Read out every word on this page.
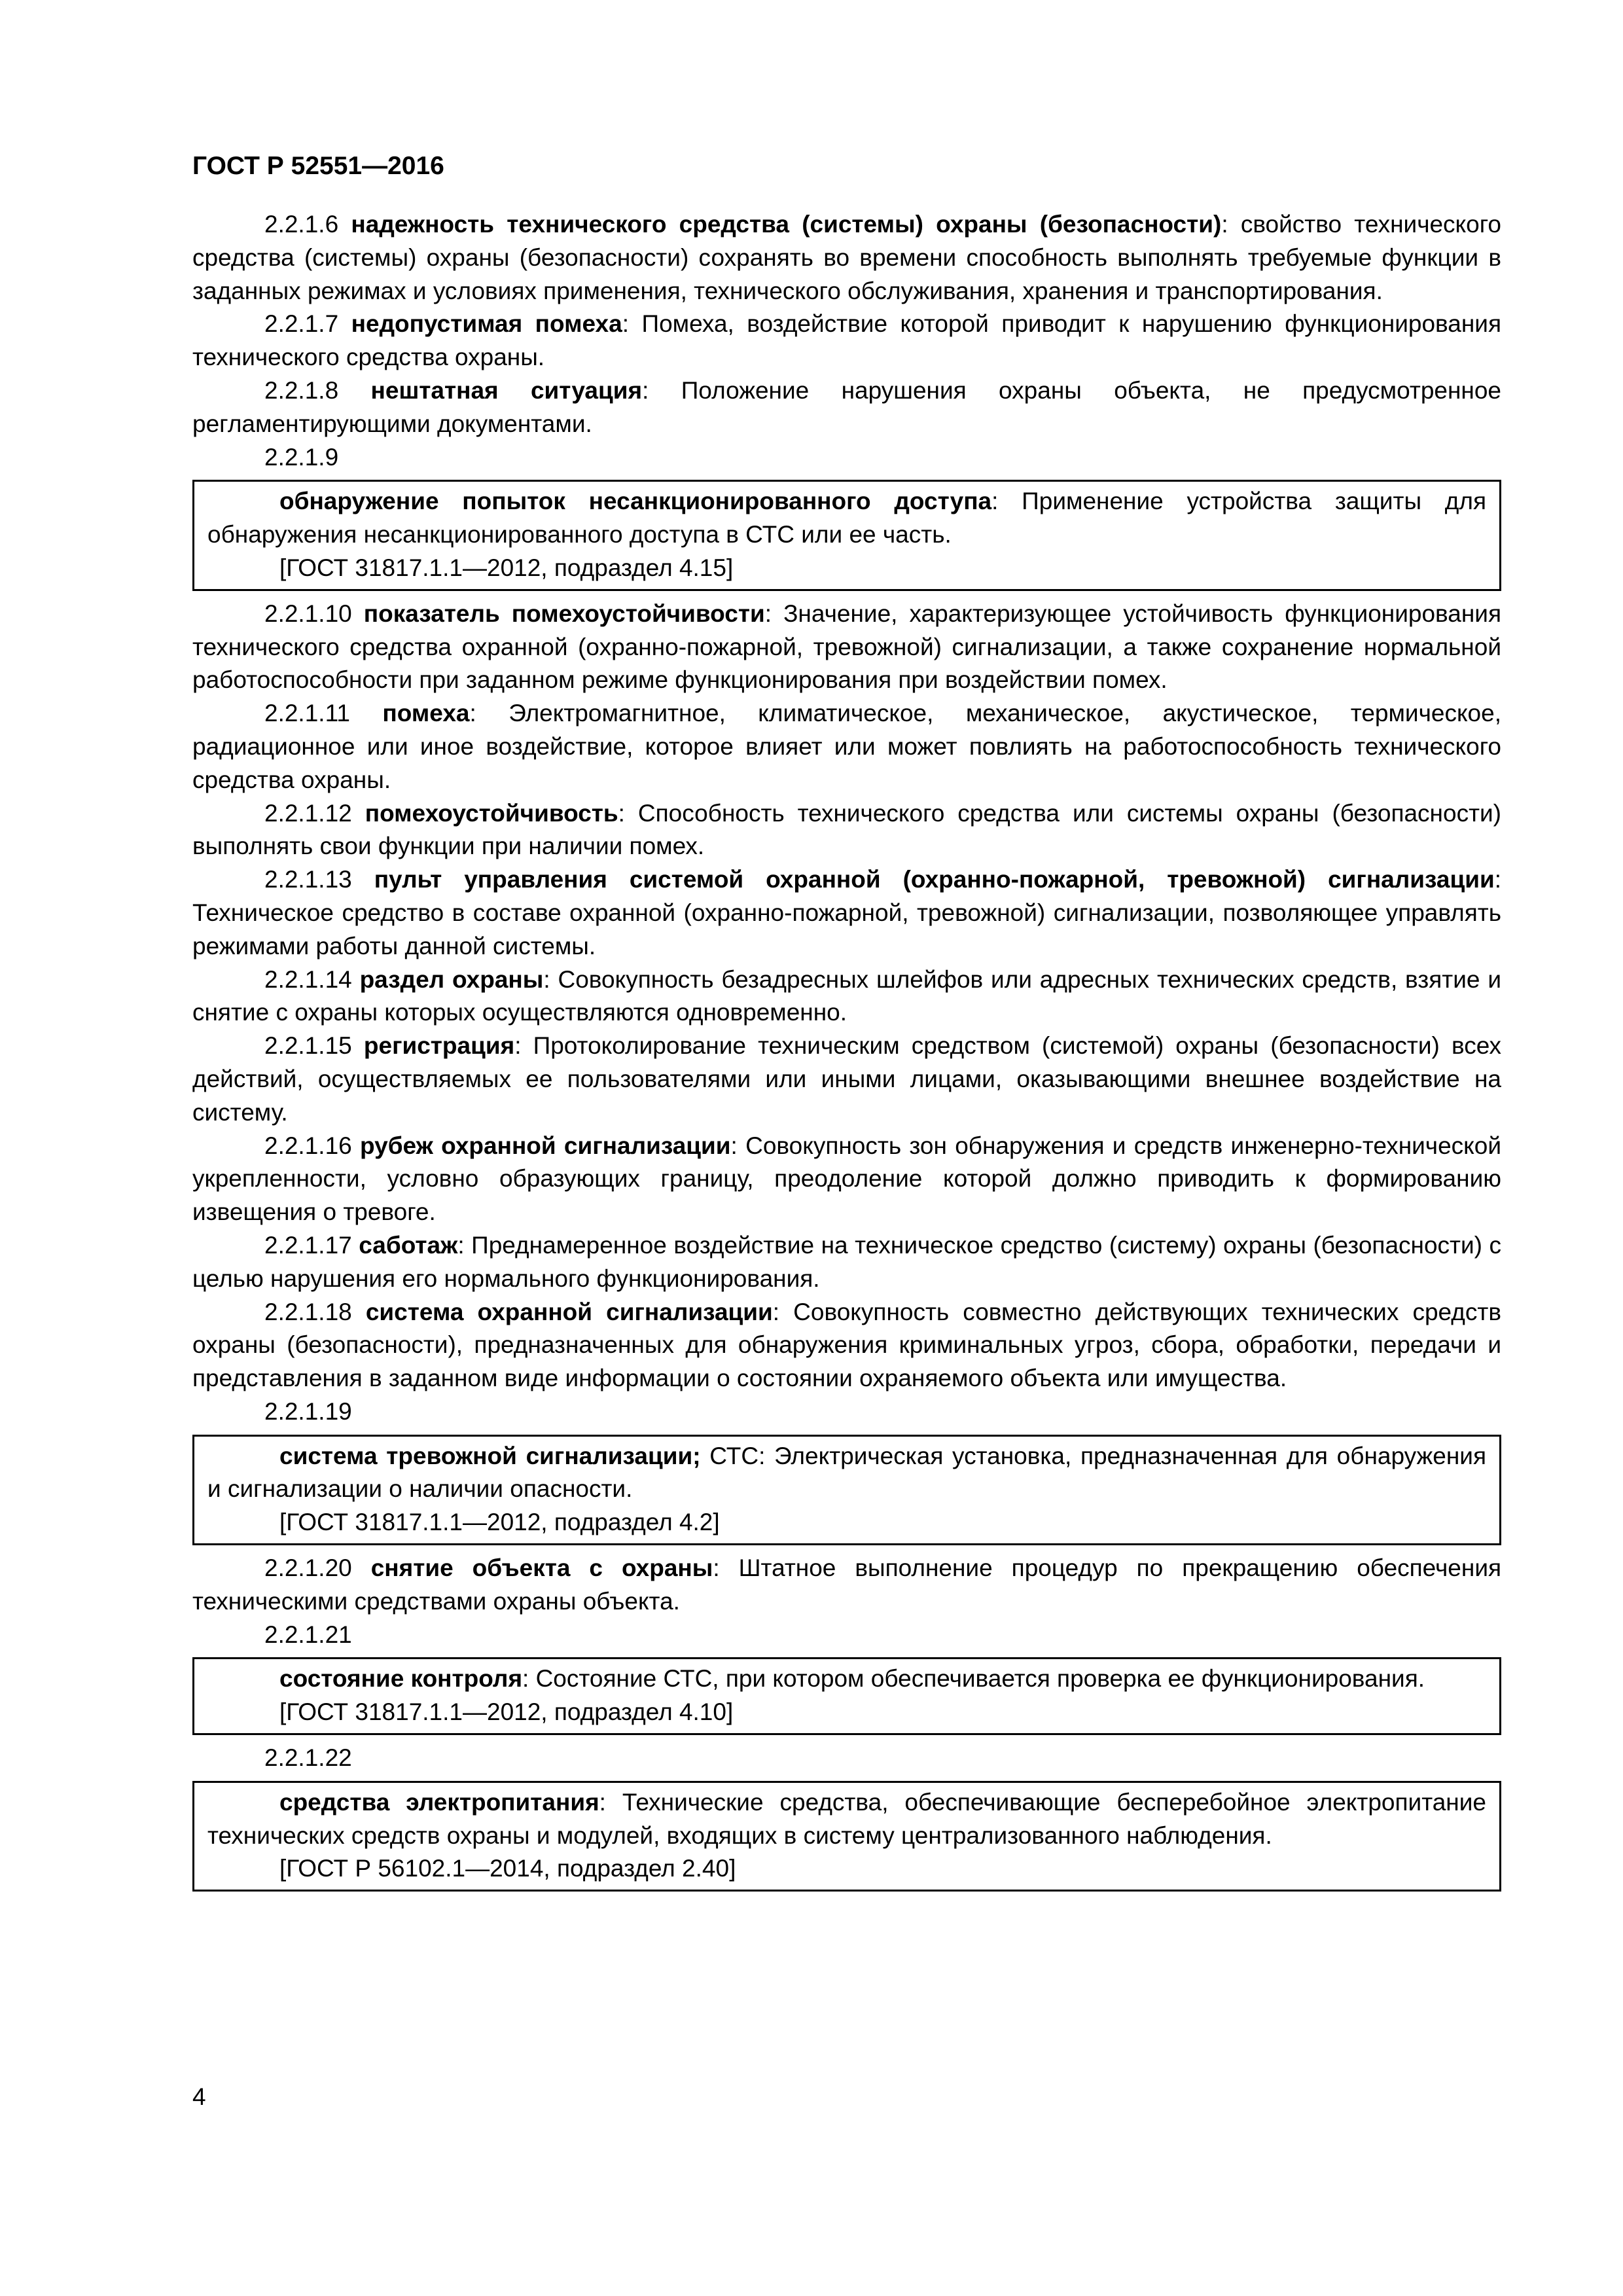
ГОСТ Р 52551—2016

2.2.1.6 надежность технического средства (системы) охраны (безопасности): свойство технического средства (системы) охраны (безопасности) сохранять во времени способность выполнять требуемые функции в заданных режимах и условиях применения, технического обслуживания, хранения и транспортирования.

2.2.1.7 недопустимая помеха: Помеха, воздействие которой приводит к нарушению функционирования технического средства охраны.

2.2.1.8 нештатная ситуация: Положение нарушения охраны объекта, не предусмотренное регламентирующими документами.

2.2.1.9

обнаружение попыток несанкционированного доступа: Применение устройства защиты для обнаружения несанкционированного доступа в СТС или ее часть.

[ГОСТ 31817.1.1—2012, подраздел 4.15]

2.2.1.10 показатель помехоустойчивости: Значение, характеризующее устойчивость функционирования технического средства охранной (охранно-пожарной, тревожной) сигнализации, а также сохранение нормальной работоспособности при заданном режиме функционирования при воздействии помех.

2.2.1.11 помеха: Электромагнитное, климатическое, механическое, акустическое, термическое, радиационное или иное воздействие, которое влияет или может повлиять на работоспособность технического средства охраны.

2.2.1.12 помехоустойчивость: Способность технического средства или системы охраны (безопасности) выполнять свои функции при наличии помех.

2.2.1.13 пульт управления системой охранной (охранно-пожарной, тревожной) сигнализации: Техническое средство в составе охранной (охранно-пожарной, тревожной) сигнализации, позволяющее управлять режимами работы данной системы.

2.2.1.14 раздел охраны: Совокупность безадресных шлейфов или адресных технических средств, взятие и снятие с охраны которых осуществляются одновременно.

2.2.1.15 регистрация: Протоколирование техническим средством (системой) охраны (безопасности) всех действий, осуществляемых ее пользователями или иными лицами, оказывающими внешнее воздействие на систему.

2.2.1.16 рубеж охранной сигнализации: Совокупность зон обнаружения и средств инженерно-технической укрепленности, условно образующих границу, преодоление которой должно приводить к формированию извещения о тревоге.

2.2.1.17 саботаж: Преднамеренное воздействие на техническое средство (систему) охраны (безопасности) с целью нарушения его нормального функционирования.

2.2.1.18 система охранной сигнализации: Совокупность совместно действующих технических средств охраны (безопасности), предназначенных для обнаружения криминальных угроз, сбора, обработки, передачи и представления в заданном виде информации о состоянии охраняемого объекта или имущества.

2.2.1.19

система тревожной сигнализации; СТС: Электрическая установка, предназначенная для обнаружения и сигнализации о наличии опасности.

[ГОСТ 31817.1.1—2012, подраздел 4.2]

2.2.1.20 снятие объекта с охраны: Штатное выполнение процедур по прекращению обеспечения техническими средствами охраны объекта.

2.2.1.21

состояние контроля: Состояние СТС, при котором обеспечивается проверка ее функционирования.

[ГОСТ 31817.1.1—2012, подраздел 4.10]

2.2.1.22

средства электропитания: Технические средства, обеспечивающие бесперебойное электропитание технических средств охраны и модулей, входящих в систему централизованного наблюдения.

[ГОСТ Р 56102.1—2014, подраздел 2.40]

4
